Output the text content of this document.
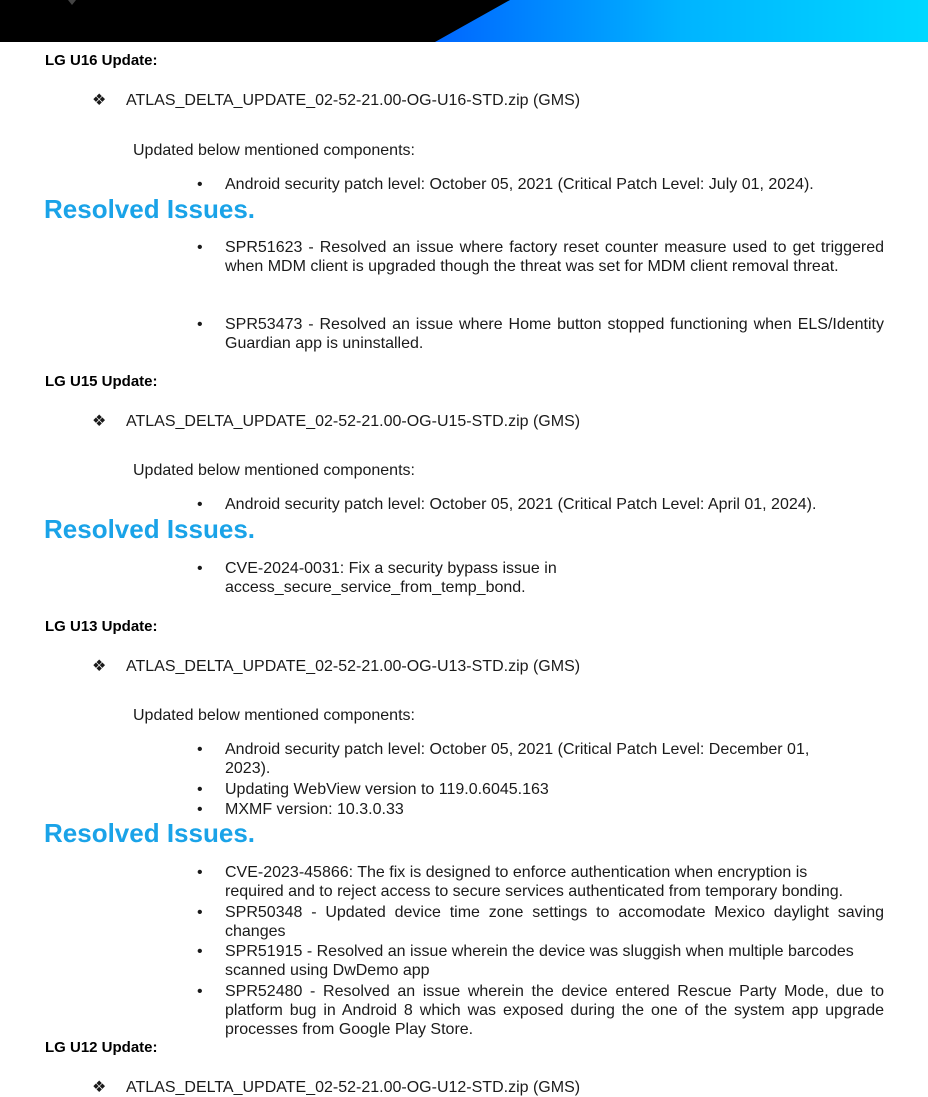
LG U16 Update:
❖ ATLAS_DELTA_UPDATE_02-52-21.00-OG-U16-STD.zip (GMS)
Updated below mentioned components:
• Android security patch level: October 05, 2021 (Critical Patch Level: July 01, 2024).
Resolved Issues.
• SPR51623 - Resolved an issue where factory reset counter measure used to get triggered when MDM client is upgraded though the threat was set for MDM client removal threat.
• SPR53473 - Resolved an issue where Home button stopped functioning when ELS/Identity Guardian app is uninstalled.
LG U15 Update:
❖ ATLAS_DELTA_UPDATE_02-52-21.00-OG-U15-STD.zip (GMS)
Updated below mentioned components:
• Android security patch level: October 05, 2021 (Critical Patch Level: April 01, 2024).
Resolved Issues.
• CVE-2024-0031: Fix a security bypass issue in access_secure_service_from_temp_bond.
LG U13 Update:
❖ ATLAS_DELTA_UPDATE_02-52-21.00-OG-U13-STD.zip (GMS)
Updated below mentioned components:
• Android security patch level: October 05, 2021 (Critical Patch Level: December 01, 2023).
• Updating WebView version to 119.0.6045.163
• MXMF version: 10.3.0.33
Resolved Issues.
• CVE-2023-45866: The fix is designed to enforce authentication when encryption is required and to reject access to secure services authenticated from temporary bonding.
• SPR50348 - Updated device time zone settings to accomodate Mexico daylight saving changes
• SPR51915 - Resolved an issue wherein the device was sluggish when multiple barcodes scanned using DwDemo app
• SPR52480 - Resolved an issue wherein the device entered Rescue Party Mode, due to platform bug in Android 8 which was exposed during the one of the system app upgrade processes from Google Play Store.
LG U12 Update:
❖ ATLAS_DELTA_UPDATE_02-52-21.00-OG-U12-STD.zip (GMS)
